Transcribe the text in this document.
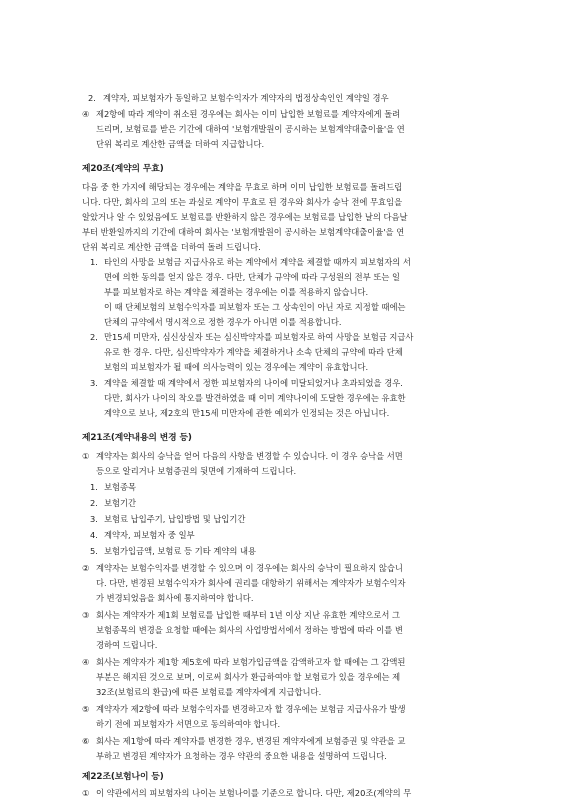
2. 계약자, 피보험자가 동일하고 보험수익자가 계약자의 법정상속인인 계약일 경우
④ 제2항에 따라 계약이 취소된 경우에는 회사는 이미 납입한 보험료를 계약자에게 돌려
드리며, 보험료를 받은 기간에 대하여 '보험개발원이 공시하는 보험계약대출이율'을 연
단위 복리로 계산한 금액을 더하여 지급합니다.
제20조(계약의 무효)
다음 중 한 가지에 해당되는 경우에는 계약을 무효로 하며 이미 납입한 보험료를 돌려드립
니다. 다만, 회사의 고의 또는 과실로 계약이 무효로 된 경우와 회사가 승낙 전에 무효임을
알았거나 알 수 있었음에도 보험료를 반환하지 않은 경우에는 보험료를 납입한 날의 다음날
부터 반환일까지의 기간에 대하여 회사는 '보험개발원이 공시하는 보험계약대출이율'을 연
단위 복리로 계산한 금액을 더하여 돌려 드립니다.
1. 타인의 사망을 보험금 지급사유로 하는 계약에서 계약을 체결할 때까지 피보험자의 서
면에 의한 동의를 얻지 않은 경우. 다만, 단체가 규약에 따라 구성원의 전부 또는 일
부를 피보험자로 하는 계약을 체결하는 경우에는 이를 적용하지 않습니다.
이 때 단체보험의 보험수익자를 피보험자 또는 그 상속인이 아닌 자로 지정할 때에는
단체의 규약에서 명시적으로 정한 경우가 아니면 이를 적용합니다.
2. 만15세 미만자, 심신상실자 또는 심신박약자를 피보험자로 하여 사망을 보험금 지급사
유로 한 경우. 다만, 심신박약자가 계약을 체결하거나 소속 단체의 규약에 따라 단체
보험의 피보험자가 될 때에 의사능력이 있는 경우에는 계약이 유효합니다.
3. 계약을 체결할 때 계약에서 정한 피보험자의 나이에 미달되었거나 초과되었을 경우.
다만, 회사가 나이의 착오를 발견하였을 때 이미 계약나이에 도달한 경우에는 유효한
계약으로 보나, 제2호의 만15세 미만자에 관한 예외가 인정되는 것은 아닙니다.
제21조(계약내용의 변경 등)
① 계약자는 회사의 승낙을 얻어 다음의 사항을 변경할 수 있습니다. 이 경우 승낙을 서면
등으로 알리거나 보험증권의 뒷면에 기재하여 드립니다.
1. 보험종목
2. 보험기간
3. 보험료 납입주기, 납입방법 및 납입기간
4. 계약자, 피보험자 중 일부
5. 보험가입금액, 보험료 등 기타 계약의 내용
② 계약자는 보험수익자를 변경할 수 있으며 이 경우에는 회사의 승낙이 필요하지 않습니
다. 다만, 변경된 보험수익자가 회사에 권리를 대항하기 위해서는 계약자가 보험수익자
가 변경되었음을 회사에 통지하여야 합니다.
③ 회사는 계약자가 제1회 보험료를 납입한 때부터 1년 이상 지난 유효한 계약으로서 그
보험종목의 변경을 요청할 때에는 회사의 사업방법서에서 정하는 방법에 따라 이를 변
경하여 드립니다.
④ 회사는 계약자가 제1항 제5호에 따라 보험가입금액을 감액하고자 할 때에는 그 감액된
부분은 해지된 것으로 보며, 이로써 회사가 환급하여야 할 보험료가 있을 경우에는 제
32조(보험료의 환급)에 따른 보험료를 계약자에게 지급합니다.
⑤ 계약자가 제2항에 따라 보험수익자를 변경하고자 할 경우에는 보험금 지급사유가 발생
하기 전에 피보험자가 서면으로 동의하여야 합니다.
⑥ 회사는 제1항에 따라 계약자를 변경한 경우, 변경된 계약자에게 보험증권 및 약관을 교
부하고 변경된 계약자가 요청하는 경우 약관의 중요한 내용을 설명하여 드립니다.
제22조(보험나이 등)
① 이 약관에서의 피보험자의 나이는 보험나이를 기준으로 합니다. 다만, 제20조(계약의 무
